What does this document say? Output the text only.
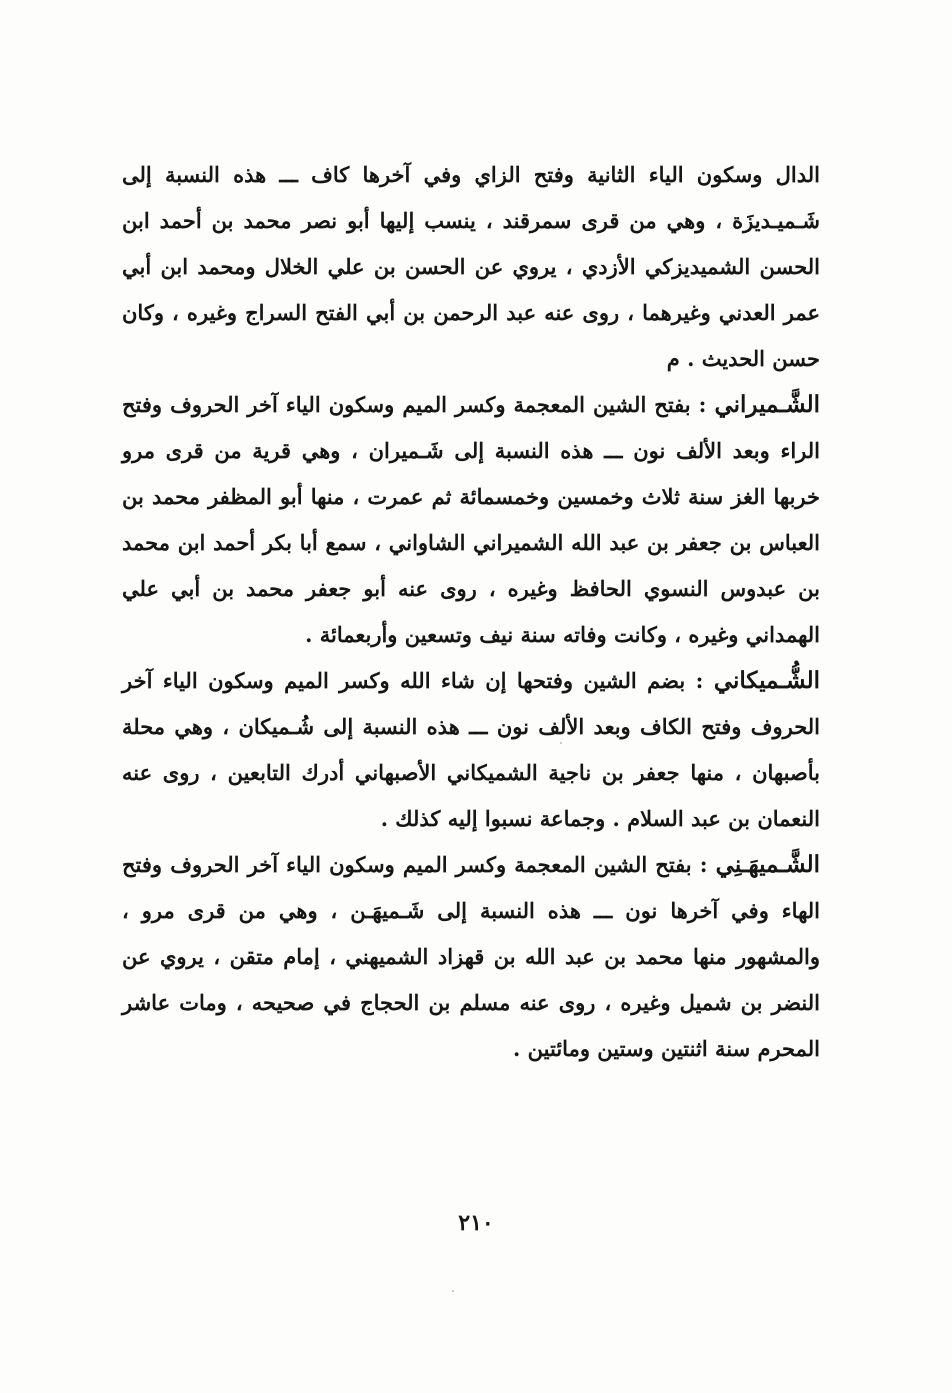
الدال وسكون الياء الثانية وفتح الزاي وفي آخرها كاف ـــ هذه النسبة إلى شَـميـديزَة ، وهي من قرى سمرقند ، ينسب إليها أبو نصر محمد بن أحمد ابن الحسن الشميديزكي الأزدي ، يروي عن الحسن بن علي الخلال ومحمد ابن أبي عمر العدني وغيرهما ، روى عنه عبد الرحمن بن أبي الفتح السراج وغيره ، وكان حسن الحديث . م

الشَّـميراني : بفتح الشين المعجمة وكسر الميم وسكون الياء آخر الحروف وفتح الراء وبعد الألف نون ـــ هذه النسبة إلى شَـميران ، وهي قرية من قرى مرو خربها الغز سنة ثلاث وخمسين وخمسمائة ثم عمرت ، منها أبو المظفر محمد بن العباس بن جعفر بن عبد الله الشميراني الشاواني ، سمع أبا بكر أحمد ابن محمد بن عبدوس النسوي الحافظ وغيره ، روى عنه أبو جعفر محمد بن أبي علي الهمداني وغيره ، وكانت وفاته سنة نيف وتسعين وأربعمائة .

الشُّـميكاني : بضم الشين وفتحها إن شاء الله وكسر الميم وسكون الياء آخر الحروف وفتح الكاف وبعد الألف نون ـــ هذه النسبة إلى شُـميكان ، وهي محلة بأصبهان ، منها جعفر بن ناجية الشميكاني الأصبهاني أدرك التابعين ، روى عنه النعمان بن عبد السلام . وجماعة نسبوا إليه كذلك .

الشَّـميهَـنِي : بفتح الشين المعجمة وكسر الميم وسكون الياء آخر الحروف وفتح الهاء وفي آخرها نون ـــ هذه النسبة إلى شَـميهَـن ، وهي من قرى مرو ، والمشهور منها محمد بن عبد الله بن قهزاد الشميهني ، إمام متقن ، يروي عن النضر بن شميل وغيره ، روى عنه مسلم بن الحجاج في صحيحه ، ومات عاشر المحرم سنة اثنتين وستين ومائتين .

٢١٠
